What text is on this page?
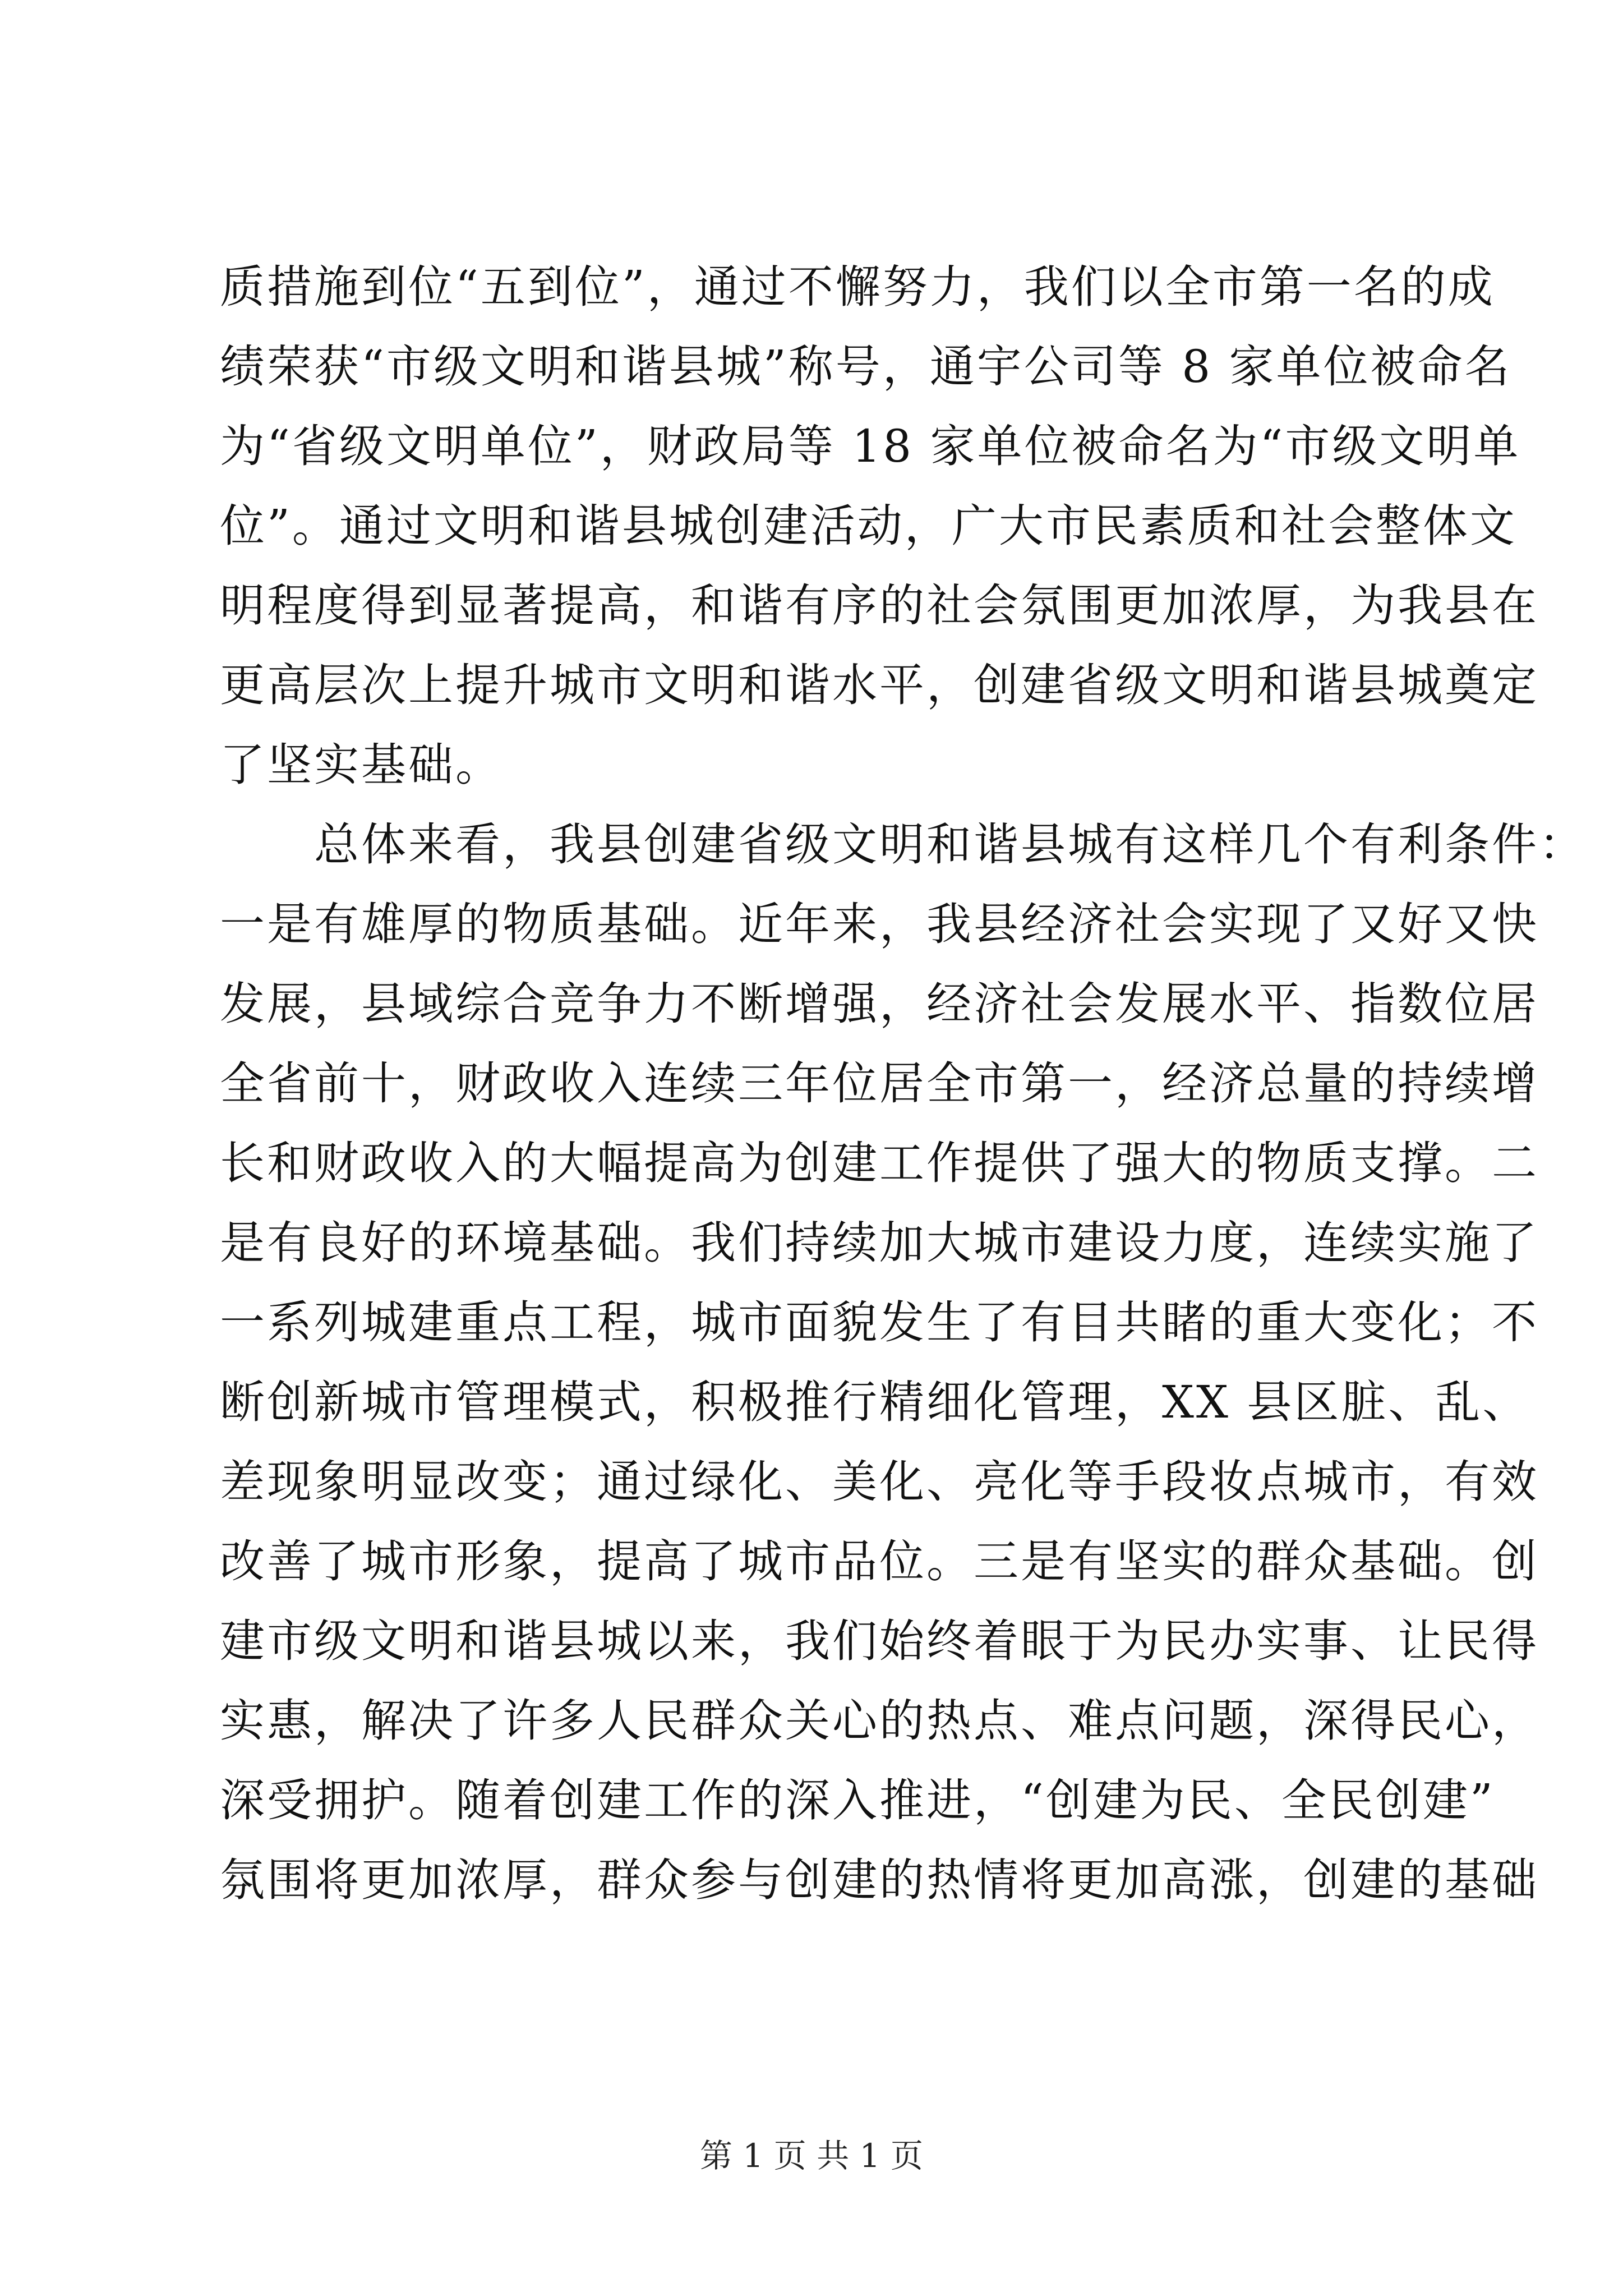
质措施到位“五到位”，通过不懈努力，我们以全市第一名的成
绩荣获“市级文明和谐县城”称号，通宇公司等 8 家单位被命名
为“省级文明单位”，财政局等 18 家单位被命名为“市级文明单
位”。通过文明和谐县城创建活动，广大市民素质和社会整体文
明程度得到显著提高，和谐有序的社会氛围更加浓厚，为我县在
更高层次上提升城市文明和谐水平，创建省级文明和谐县城奠定
了坚实基础。
　　总体来看，我县创建省级文明和谐县城有这样几个有利条件：
一是有雄厚的物质基础。近年来，我县经济社会实现了又好又快
发展，县域综合竞争力不断增强，经济社会发展水平、指数位居
全省前十，财政收入连续三年位居全市第一，经济总量的持续增
长和财政收入的大幅提高为创建工作提供了强大的物质支撑。二
是有良好的环境基础。我们持续加大城市建设力度，连续实施了
一系列城建重点工程，城市面貌发生了有目共睹的重大变化；不
断创新城市管理模式，积极推行精细化管理，XX 县区脏、乱、
差现象明显改变；通过绿化、美化、亮化等手段妆点城市，有效
改善了城市形象，提高了城市品位。三是有坚实的群众基础。创
建市级文明和谐县城以来，我们始终着眼于为民办实事、让民得
实惠，解决了许多人民群众关心的热点、难点问题，深得民心，
深受拥护。随着创建工作的深入推进，“创建为民、全民创建”
氛围将更加浓厚，群众参与创建的热情将更加高涨，创建的基础
第 1 页 共 1 页
